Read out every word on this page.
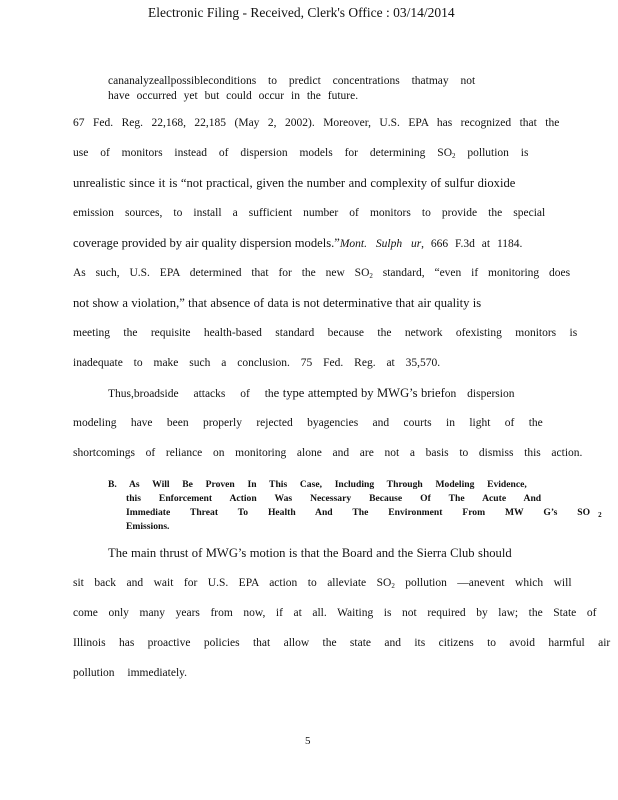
Electronic Filing - Received, Clerk's Office : 03/14/2014
cananalyzeallpossibleconditions to predict concentrations thatmay not
have occurred yet but could occur in the future.
67 Fed. Reg. 22,168, 22,185 (May 2, 2002). Moreover, U.S. EPA has recognized that the
use of monitors instead of dispersion models for determining $SO_2$ pollution is
unrealistic since it is “not practical, given the number and complexity of sulfur dioxide
emission sources, to install a sufficient number of monitors to provide the special
coverage provided by air quality dispersion models.”Mont. Sulph ur, 666 F.3d at 1184.
As such, U.S. EPA determined that for the new $SO_2$ standard, “even if monitoring does
not show a violation,” that absence of data is not determinative that air quality is
meeting the requisite health-based standard because the network ofexisting monitors is
inadequate to make such a conclusion. 75 Fed. Reg. at 35,570.
Thus,broadside attacks of the type attempted by MWG’s briefon dispersion
modeling have been properly rejected byagencies and courts in light of the
shortcomings of reliance on monitoring alone and are not a basis to dismiss this action.
B. As Will Be Proven In This Case, Including Through Modeling Evidence,
this Enforcement Action Was Necessary Because Of The Acute And
Immediate Threat To Health And The Environment From MW G’s SO $_2$
Emissions.
The main thrust of MWG’s motion is that the Board and the Sierra Club should
sit back and wait for U.S. EPA action to alleviate $SO_2$ pollution —anevent which will
come only many years from now, if at all. Waiting is not required by law; the State of
Illinois has proactive policies that allow the state and its citizens to avoid harmful air
pollution immediately.
5
